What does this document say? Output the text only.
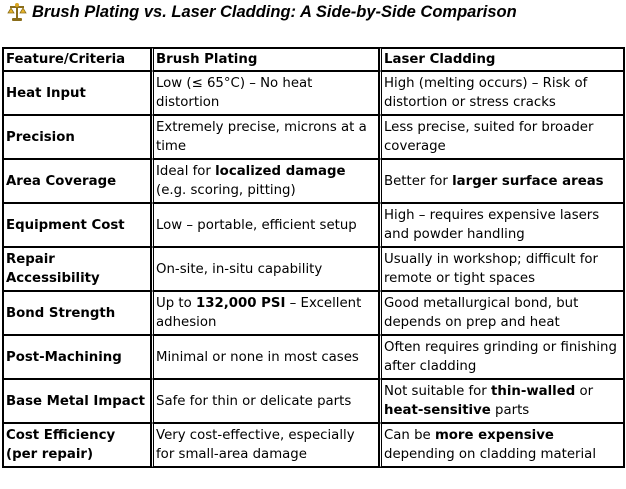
Brush Plating vs. Laser Cladding: A Side-by-Side Comparison
Feature/Criteria	Brush Plating	Laser Cladding
Heat Input	Low (≤ 65°C) – No heat distortion	High (melting occurs) – Risk of distortion or stress cracks
Precision	Extremely precise, microns at a time	Less precise, suited for broader coverage
Area Coverage	Ideal for localized damage (e.g. scoring, pitting)	Better for larger surface areas
Equipment Cost	Low – portable, efficient setup	High – requires expensive lasers and powder handling
Repair Accessibility	On-site, in-situ capability	Usually in workshop; difficult for remote or tight spaces
Bond Strength	Up to 132,000 PSI – Excellent adhesion	Good metallurgical bond, but depends on prep and heat
Post-Machining	Minimal or none in most cases	Often requires grinding or finishing after cladding
Base Metal Impact	Safe for thin or delicate parts	Not suitable for thin-walled or heat-sensitive parts
Cost Efficiency (per repair)	Very cost-effective, especially for small-area damage	Can be more expensive depending on cladding material
